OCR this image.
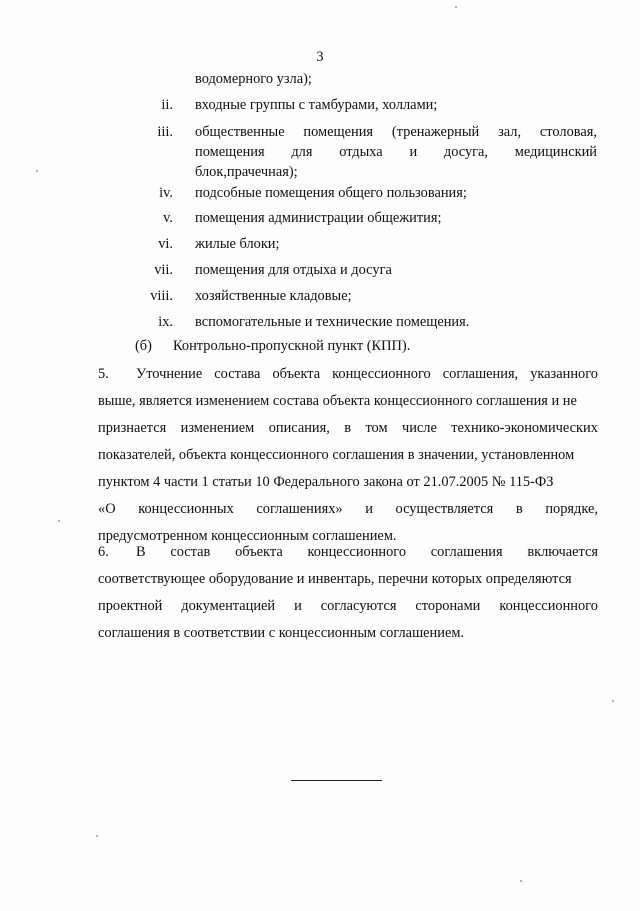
3
водомерного узла);
ii. входные группы с тамбурами, холлами;
iii. общественные помещения (тренажерный зал, столовая,
помещения для отдыха и досуга, медицинский
блок,прачечная);
iv. подсобные помещения общего пользования;
v. помещения администрации общежития;
vi. жилые блоки;
vii. помещения для отдыха и досуга
viii. хозяйственные кладовые;
ix. вспомогательные и технические помещения.
(б) Контрольно-пропускной пункт (КПП).
5. Уточнение состава объекта концессионного соглашения, указанного
выше, является изменением состава объекта концессионного соглашения и не
признается изменением описания, в том числе технико-экономических
показателей, объекта концессионного соглашения в значении, установленном
пунктом 4 части 1 статьи 10 Федерального закона от 21.07.2005 № 115-ФЗ
«О концессионных соглашениях» и осуществляется в порядке,
предусмотренном концессионным соглашением.
6. В состав объекта концессионного соглашения включается
соответствующее оборудование и инвентарь, перечни которых определяются
проектной документацией и согласуются сторонами концессионного
соглашения в соответствии с концессионным соглашением.
